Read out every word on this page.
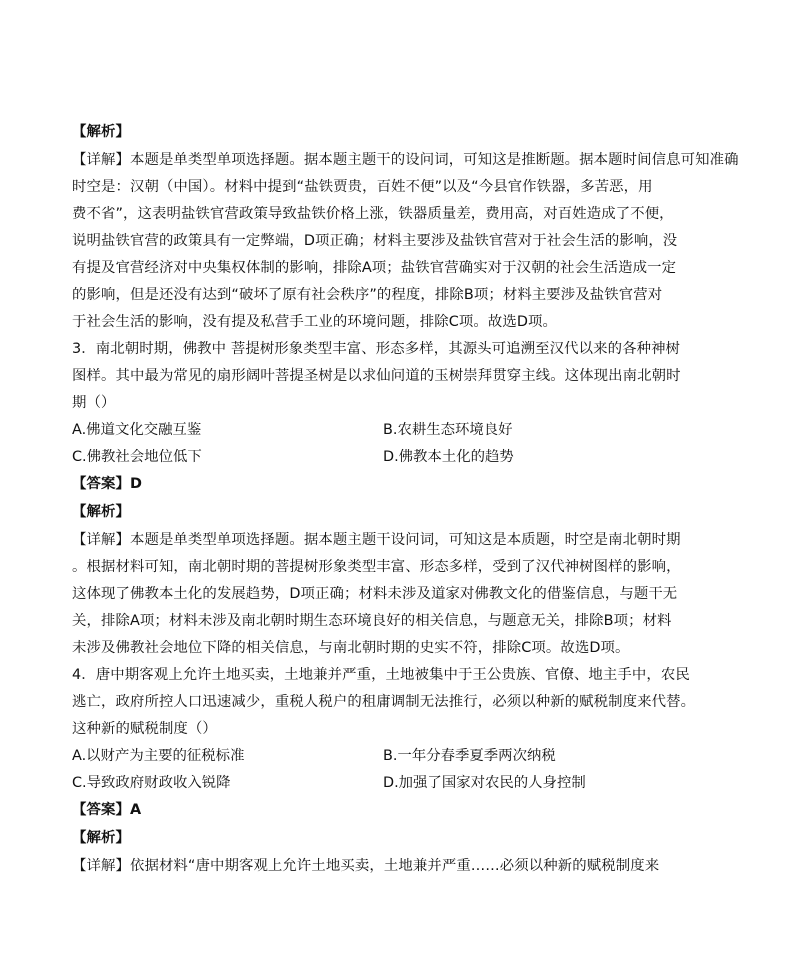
【解析】
【详解】本题是单类型单项选择题。据本题主题干的设问词，可知这是推断题。据本题时间信息可知准确
时空是：汉朝（中国）。材料中提到“盐铁贾贵，百姓不便”以及“今县官作铁器，多苦恶，用
费不省”，这表明盐铁官营政策导致盐铁价格上涨，铁器质量差，费用高，对百姓造成了不便，
说明盐铁官营的政策具有一定弊端，D项正确；材料主要涉及盐铁官营对于社会生活的影响，没
有提及官营经济对中央集权体制的影响，排除A项；盐铁官营确实对于汉朝的社会生活造成一定
的影响，但是还没有达到“破坏了原有社会秩序”的程度，排除B项；材料主要涉及盐铁官营对
于社会生活的影响，没有提及私营手工业的环境问题，排除C项。故选D项。
3．南北朝时期，佛教中 菩提树形象类型丰富、形态多样，其源头可追溯至汉代以来的各种神树
图样。其中最为常见的扇形阔叶菩提圣树是以求仙问道的玉树崇拜贯穿主线。这体现出南北朝时
期（）
A.佛道文化交融互鉴	B.农耕生态环境良好
C.佛教社会地位低下	D.佛教本土化的趋势
【答案】D
【解析】
【详解】本题是单类型单项选择题。据本题主题干设问词，可知这是本质题，时空是南北朝时期
。根据材料可知，南北朝时期的菩提树形象类型丰富、形态多样，受到了汉代神树图样的影响，
这体现了佛教本土化的发展趋势，D项正确；材料未涉及道家对佛教文化的借鉴信息，与题干无
关，排除A项；材料未涉及南北朝时期生态环境良好的相关信息，与题意无关，排除B项；材料
未涉及佛教社会地位下降的相关信息，与南北朝时期的史实不符，排除C项。故选D项。
4．唐中期客观上允许土地买卖，土地兼并严重，土地被集中于王公贵族、官僚、地主手中，农民
逃亡，政府所控人口迅速减少，重税人税户的租庸调制无法推行，必须以种新的赋税制度来代替。
这种新的赋税制度（）
A.以财产为主要的征税标准	B.一年分春季夏季两次纳税
C.导致政府财政收入锐降	D.加强了国家对农民的人身控制
【答案】A
【解析】
【详解】依据材料“唐中期客观上允许土地买卖，土地兼并严重……必须以种新的赋税制度来
